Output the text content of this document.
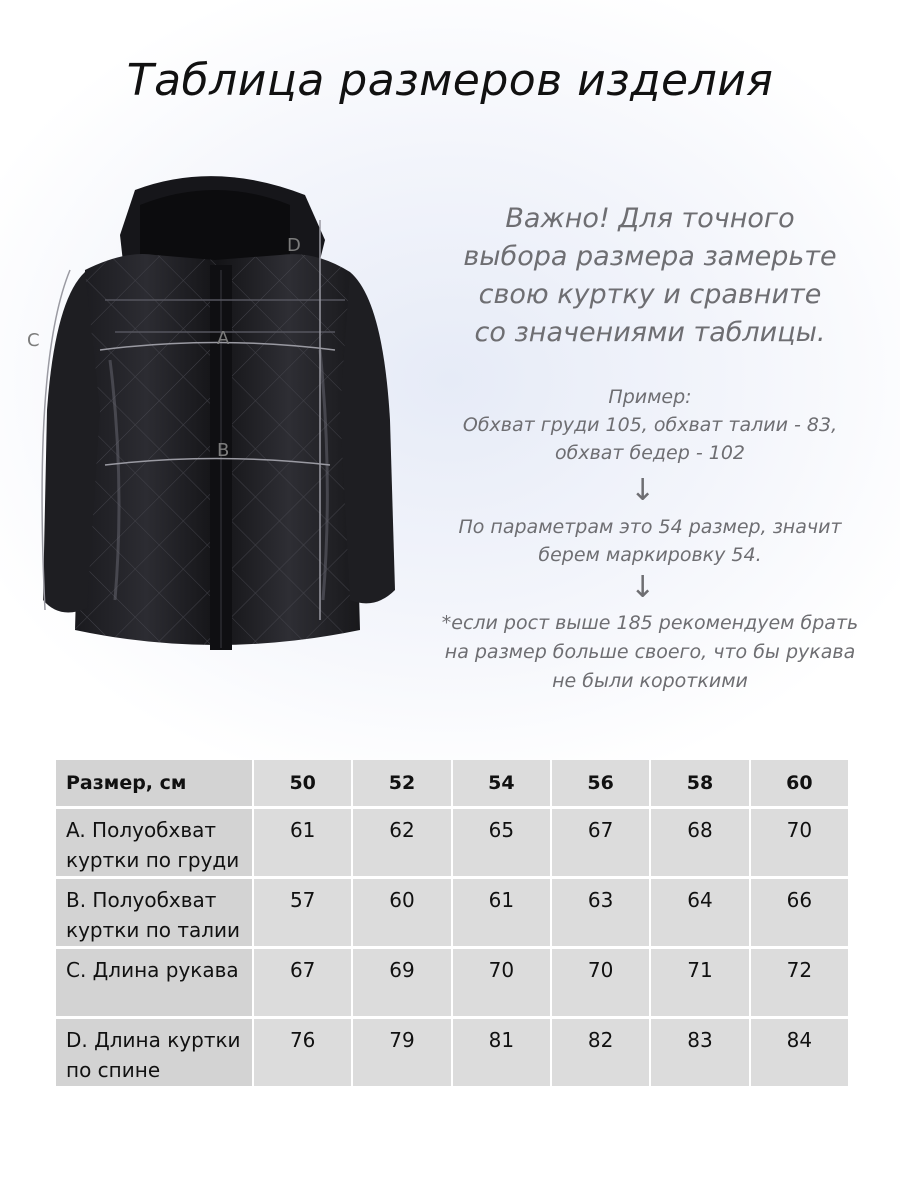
Таблица размеров изделия
A
B
C
D
Важно! Для точного
выбора размера замерьте
свою куртку и сравните
со значениями таблицы.
Пример:
Обхват груди 105, обхват талии - 83,
обхват бедер - 102
↓
По параметрам это 54 размер, значит
берем маркировку 54.
↓
*если рост выше 185 рекомендуем брать
на размер больше своего, что бы рукава
не были короткими
Размер, см	50	52	54	56	58	60

A. Полуобхват
куртки по груди	61	62	65	67	68	70

B. Полуобхват
куртки по талии	57	60	61	63	64	66

C. Длина рукава	67	69	70	70	71	72

D. Длина куртки
по спине	76	79	81	82	83	84
